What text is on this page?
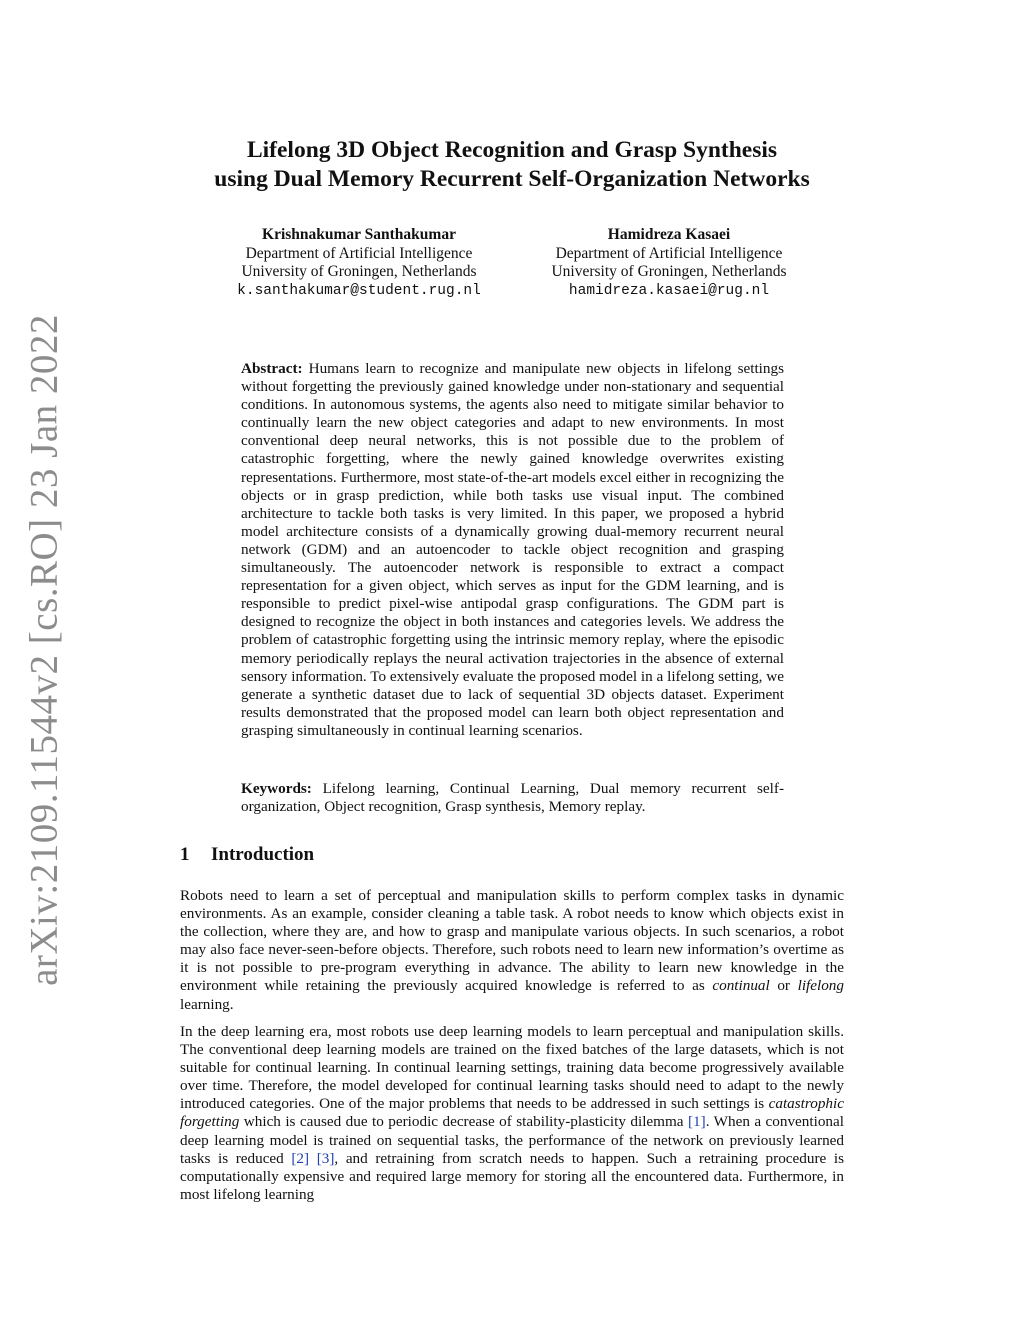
arXiv:2109.11544v2 [cs.RO] 23 Jan 2022
Lifelong 3D Object Recognition and Grasp Synthesis
using Dual Memory Recurrent Self-Organization Networks
Krishnakumar Santhakumar
Department of Artificial Intelligence
University of Groningen, Netherlands
k.santhakumar@student.rug.nl
Hamidreza Kasaei
Department of Artificial Intelligence
University of Groningen, Netherlands
hamidreza.kasaei@rug.nl
Abstract: Humans learn to recognize and manipulate new objects in lifelong settings without forgetting the previously gained knowledge under non-stationary and sequential conditions. In autonomous systems, the agents also need to mitigate similar behavior to continually learn the new object categories and adapt to new environments. In most conventional deep neural networks, this is not possible due to the problem of catastrophic forgetting, where the newly gained knowledge overwrites existing representations. Furthermore, most state-of-the-art models excel either in recognizing the objects or in grasp prediction, while both tasks use visual input. The combined architecture to tackle both tasks is very limited. In this paper, we proposed a hybrid model architecture consists of a dynamically growing dual-memory recurrent neural network (GDM) and an autoencoder to tackle object recognition and grasping simultaneously. The autoencoder network is responsible to extract a compact representation for a given object, which serves as input for the GDM learning, and is responsible to predict pixel-wise antipodal grasp configurations. The GDM part is designed to recognize the object in both instances and categories levels. We address the problem of catastrophic forgetting using the intrinsic memory replay, where the episodic memory periodically replays the neural activation trajectories in the absence of external sensory information. To extensively evaluate the proposed model in a lifelong setting, we generate a synthetic dataset due to lack of sequential 3D objects dataset. Experiment results demonstrated that the proposed model can learn both object representation and grasping simultaneously in continual learning scenarios.
Keywords: Lifelong learning, Continual Learning, Dual memory recurrent self-organization, Object recognition, Grasp synthesis, Memory replay.
1 Introduction
Robots need to learn a set of perceptual and manipulation skills to perform complex tasks in dynamic environments. As an example, consider cleaning a table task. A robot needs to know which objects exist in the collection, where they are, and how to grasp and manipulate various objects. In such scenarios, a robot may also face never-seen-before objects. Therefore, such robots need to learn new information’s overtime as it is not possible to pre-program everything in advance. The ability to learn new knowledge in the environment while retaining the previously acquired knowledge is referred to as continual or lifelong learning.
In the deep learning era, most robots use deep learning models to learn perceptual and manipulation skills. The conventional deep learning models are trained on the fixed batches of the large datasets, which is not suitable for continual learning. In continual learning settings, training data become progressively available over time. Therefore, the model developed for continual learning tasks should need to adapt to the newly introduced categories. One of the major problems that needs to be addressed in such settings is catastrophic forgetting which is caused due to periodic decrease of stability-plasticity dilemma [1]. When a conventional deep learning model is trained on sequential tasks, the performance of the network on previously learned tasks is reduced [2] [3], and retraining from scratch needs to happen. Such a retraining procedure is computationally expensive and required large memory for storing all the encountered data. Furthermore, in most lifelong learning
